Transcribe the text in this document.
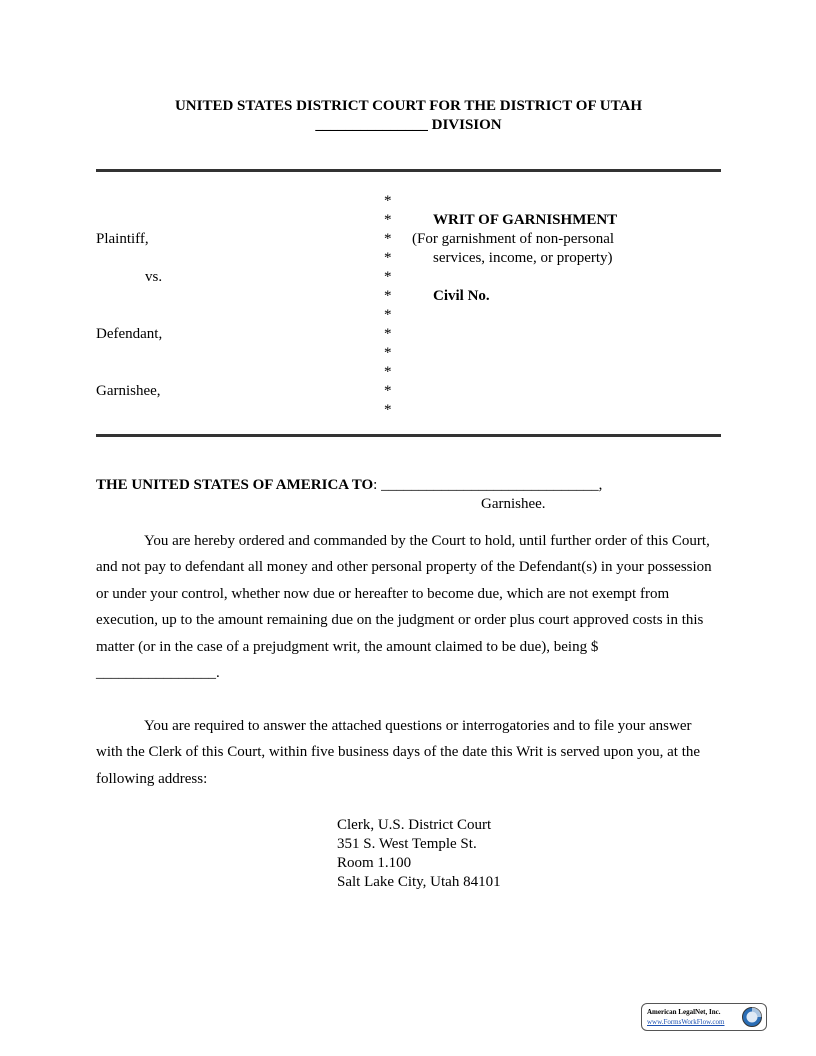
UNITED STATES DISTRICT COURT FOR THE DISTRICT OF UTAH
_______________ DIVISION
Plaintiff,
vs.
Defendant,
Garnishee,
*
*
*
*
*
*
*
*
*
*
*
*
WRIT OF GARNISHMENT
(For garnishment of non-personal
services, income, or property)
Civil No.
THE UNITED STATES OF AMERICA TO: _____________________________,
Garnishee.
You are hereby ordered and commanded by the Court to hold, until further order of this Court, and not pay to defendant all money and other personal property of the Defendant(s) in your possession or under your control, whether now due or hereafter to become due, which are not exempt from execution, up to the amount remaining due on the judgment or order plus court approved costs in this matter (or in the case of a prejudgment writ, the amount claimed to be due), being $ ________________.
You are required to answer the attached questions or interrogatories and to file your answer with the Clerk of this Court, within five business days of the date this Writ is served upon you, at the following address:
Clerk, U.S. District Court
351 S. West Temple St.
Room 1.100
Salt Lake City, Utah 84101
American LegalNet, Inc.
www.FormsWorkFlow.com
